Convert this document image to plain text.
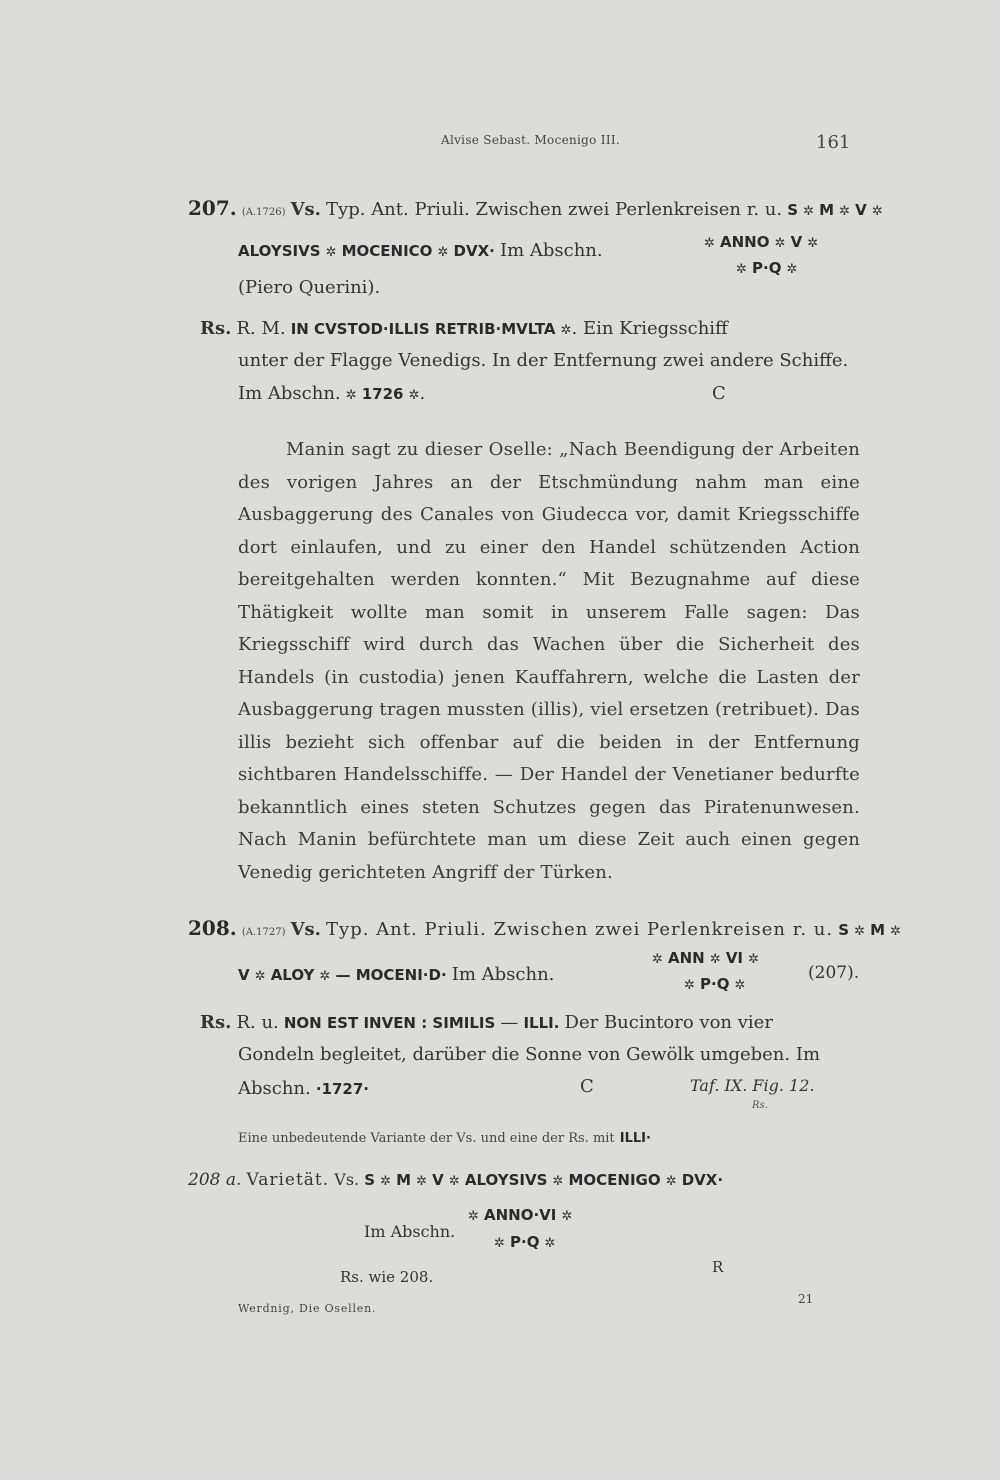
Alvise Sebast. Mocenigo III.	161
207. (A.1726) Vs. Typ. Ant. Priuli. Zwischen zwei Perlenkreisen r. u. S ✲ M ✲ V ✲
ALOYSIVS ✲ MOCENICO ✲ DVX· Im Abschn.	✲ ANNO ✲ V ✲
✲ P·Q ✲
(Piero Querini).
Rs. R. M. IN CVSTOD·ILLIS RETRIB·MVLTA ✲. Ein Kriegsschiff
unter der Flagge Venedigs. In der Entfernung zwei andere Schiffe.
Im Abschn. ✲ 1726 ✲.	C

Manin sagt zu dieser Oselle: „Nach Beendigung der Arbeiten des vorigen Jahres an der Etschmündung nahm man eine Ausbaggerung des Canales von Giudecca vor, damit Kriegsschiffe dort einlaufen, und zu einer den Handel schützenden Action bereitgehalten werden konnten.“ Mit Bezugnahme auf diese Thätigkeit wollte man somit in unserem Falle sagen: Das Kriegsschiff wird durch das Wachen über die Sicherheit des Handels (in custodia) jenen Kauffahrern, welche die Lasten der Ausbaggerung tragen mussten (illis), viel ersetzen (retribuet). Das illis bezieht sich offenbar auf die beiden in der Entfernung sichtbaren Handelsschiffe. — Der Handel der Venetianer bedurfte bekanntlich eines steten Schutzes gegen das Piratenunwesen. Nach Manin befürchtete man um diese Zeit auch einen gegen Venedig gerichteten Angriff der Türken.

208. (A.1727) Vs. Typ. Ant. Priuli. Zwischen zwei Perlenkreisen r. u. S ✲ M ✲
V ✲ ALOY ✲ — MOCENI·D· Im Abschn.
✲ ANN ✲ VI ✲
✲ P·Q ✲
(207).
Rs. R. u. NON EST INVEN : SIMILIS — ILLI. Der Bucintoro von vier
Gondeln begleitet, darüber die Sonne von Gewölk umgeben. Im
Abschn. ·1727·	C	Taf. IX. Fig. 12.
Rs.
Eine unbedeutende Variante der Vs. und eine der Rs. mit ILLI·
208 a. Varietät. Vs. S ✲ M ✲ V ✲ ALOYSIVS ✲ MOCENIGO ✲ DVX·
Im Abschn.
✲ ANNO·VI ✲
✲ P·Q ✲
Rs. wie 208.
R
Werdnig, Die Osellen.
21
